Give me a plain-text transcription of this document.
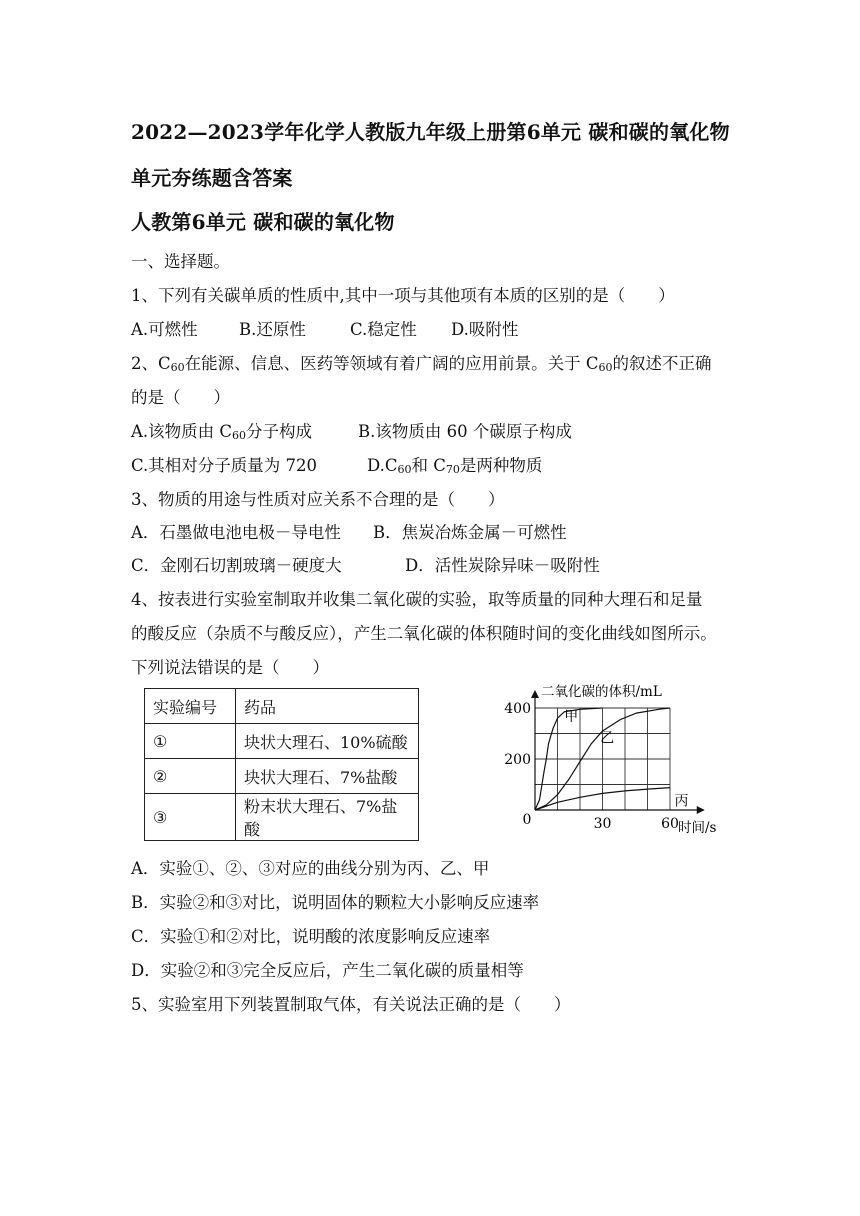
2022—2023学年化学人教版九年级上册第6单元 碳和碳的氧化物
单元夯练题含答案
人教第6单元 碳和碳的氧化物
一、选择题。
1、下列有关碳单质的性质中,其中一项与其他项有本质的区别的是（　　）
A.可燃性	B.还原性	C.稳定性 D.吸附性
2、$C_{60}$在能源、信息、医药等领域有着广阔的应用前景。关于 $C_{60}$的叙述不正确
的是（　　）
A.该物质由 $C_{60}$分子构成	B.该物质由 60 个碳原子构成
C.其相对分子质量为 720	$D.C_{60}$和 $C_{70}$是两种物质
3、物质的用途与性质对应关系不合理的是（　　）
A．石墨做电池电极－导电性 B．焦炭冶炼金属－可燃性
C．金刚石切割玻璃－硬度大	D．活性炭除异味－吸附性
4、按表进行实验室制取并收集二氧化碳的实验，取等质量的同种大理石和足量
的酸反应（杂质不与酸反应），产生二氧化碳的体积随时间的变化曲线如图所示。
下列说法错误的是（　　）
实验编号	药品
①	块状大理石、10%硫酸
②	块状大理石、7%盐酸
③	粉末状大理石、7%盐酸
200
400
30	60
0
二氧化碳的体积/mL
时间/s
甲
乙
丙
A．实验①、②、③对应的曲线分别为丙、乙、甲
B．实验②和③对比，说明固体的颗粒大小影响反应速率
C．实验①和②对比，说明酸的浓度影响反应速率
D．实验②和③完全反应后，产生二氧化碳的质量相等
5、实验室用下列装置制取气体，有关说法正确的是（　　）
